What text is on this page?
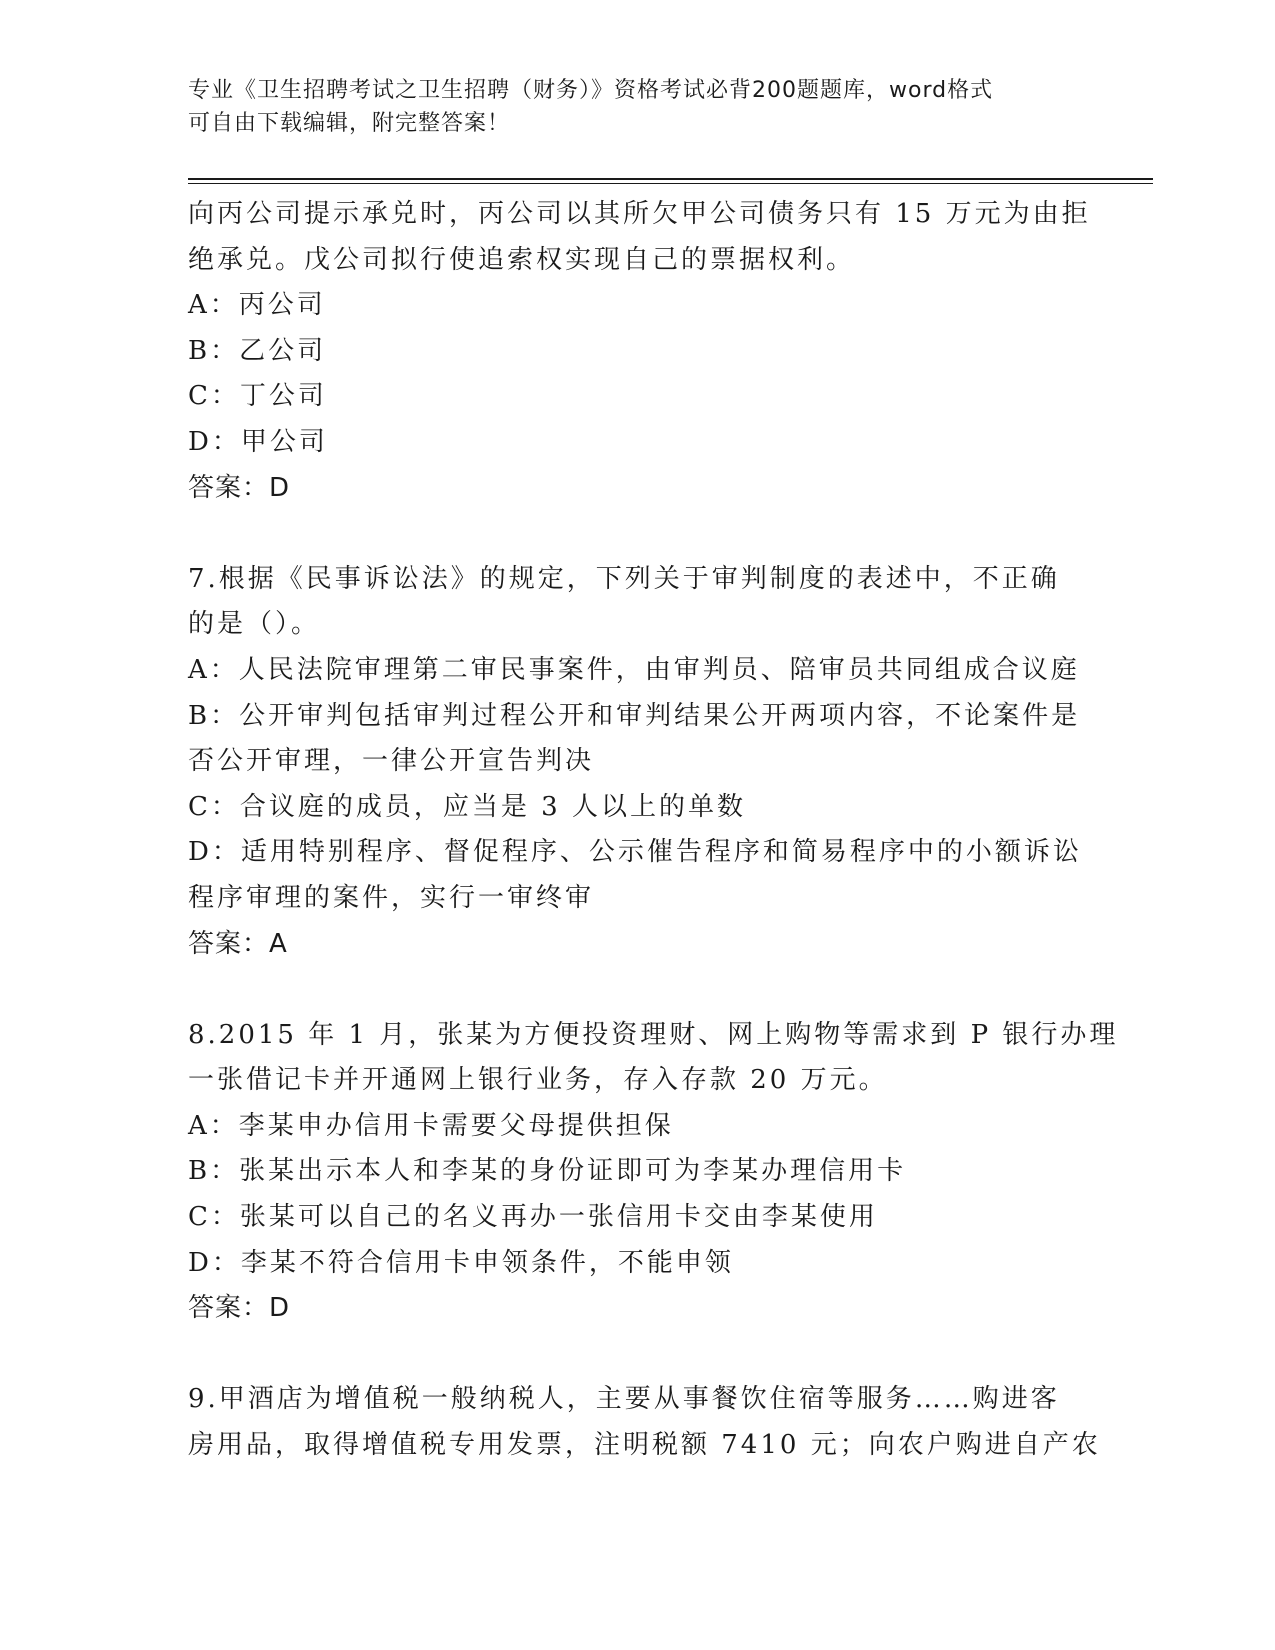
专业《卫生招聘考试之卫生招聘（财务）》资格考试必背200题题库，word格式
可自由下载编辑，附完整答案！
向丙公司提示承兑时，丙公司以其所欠甲公司债务只有 15 万元为由拒
绝承兑。戊公司拟行使追索权实现自己的票据权利。
A：丙公司
B：乙公司
C：丁公司
D：甲公司
答案：D
7.根据《民事诉讼法》的规定，下列关于审判制度的表述中，不正确
的是（）。
A：人民法院审理第二审民事案件，由审判员、陪审员共同组成合议庭
B：公开审判包括审判过程公开和审判结果公开两项内容，不论案件是
否公开审理，一律公开宣告判决
C：合议庭的成员，应当是 3 人以上的单数
D：适用特别程序、督促程序、公示催告程序和简易程序中的小额诉讼
程序审理的案件，实行一审终审
答案：A
8.2015 年 1 月，张某为方便投资理财、网上购物等需求到 P 银行办理
一张借记卡并开通网上银行业务，存入存款 20 万元。
A：李某申办信用卡需要父母提供担保
B：张某出示本人和李某的身份证即可为李某办理信用卡
C：张某可以自己的名义再办一张信用卡交由李某使用
D：李某不符合信用卡申领条件，不能申领
答案：D
9.甲酒店为增值税一般纳税人，主要从事餐饮住宿等服务……购进客
房用品，取得增值税专用发票，注明税额 7410 元；向农户购进自产农
